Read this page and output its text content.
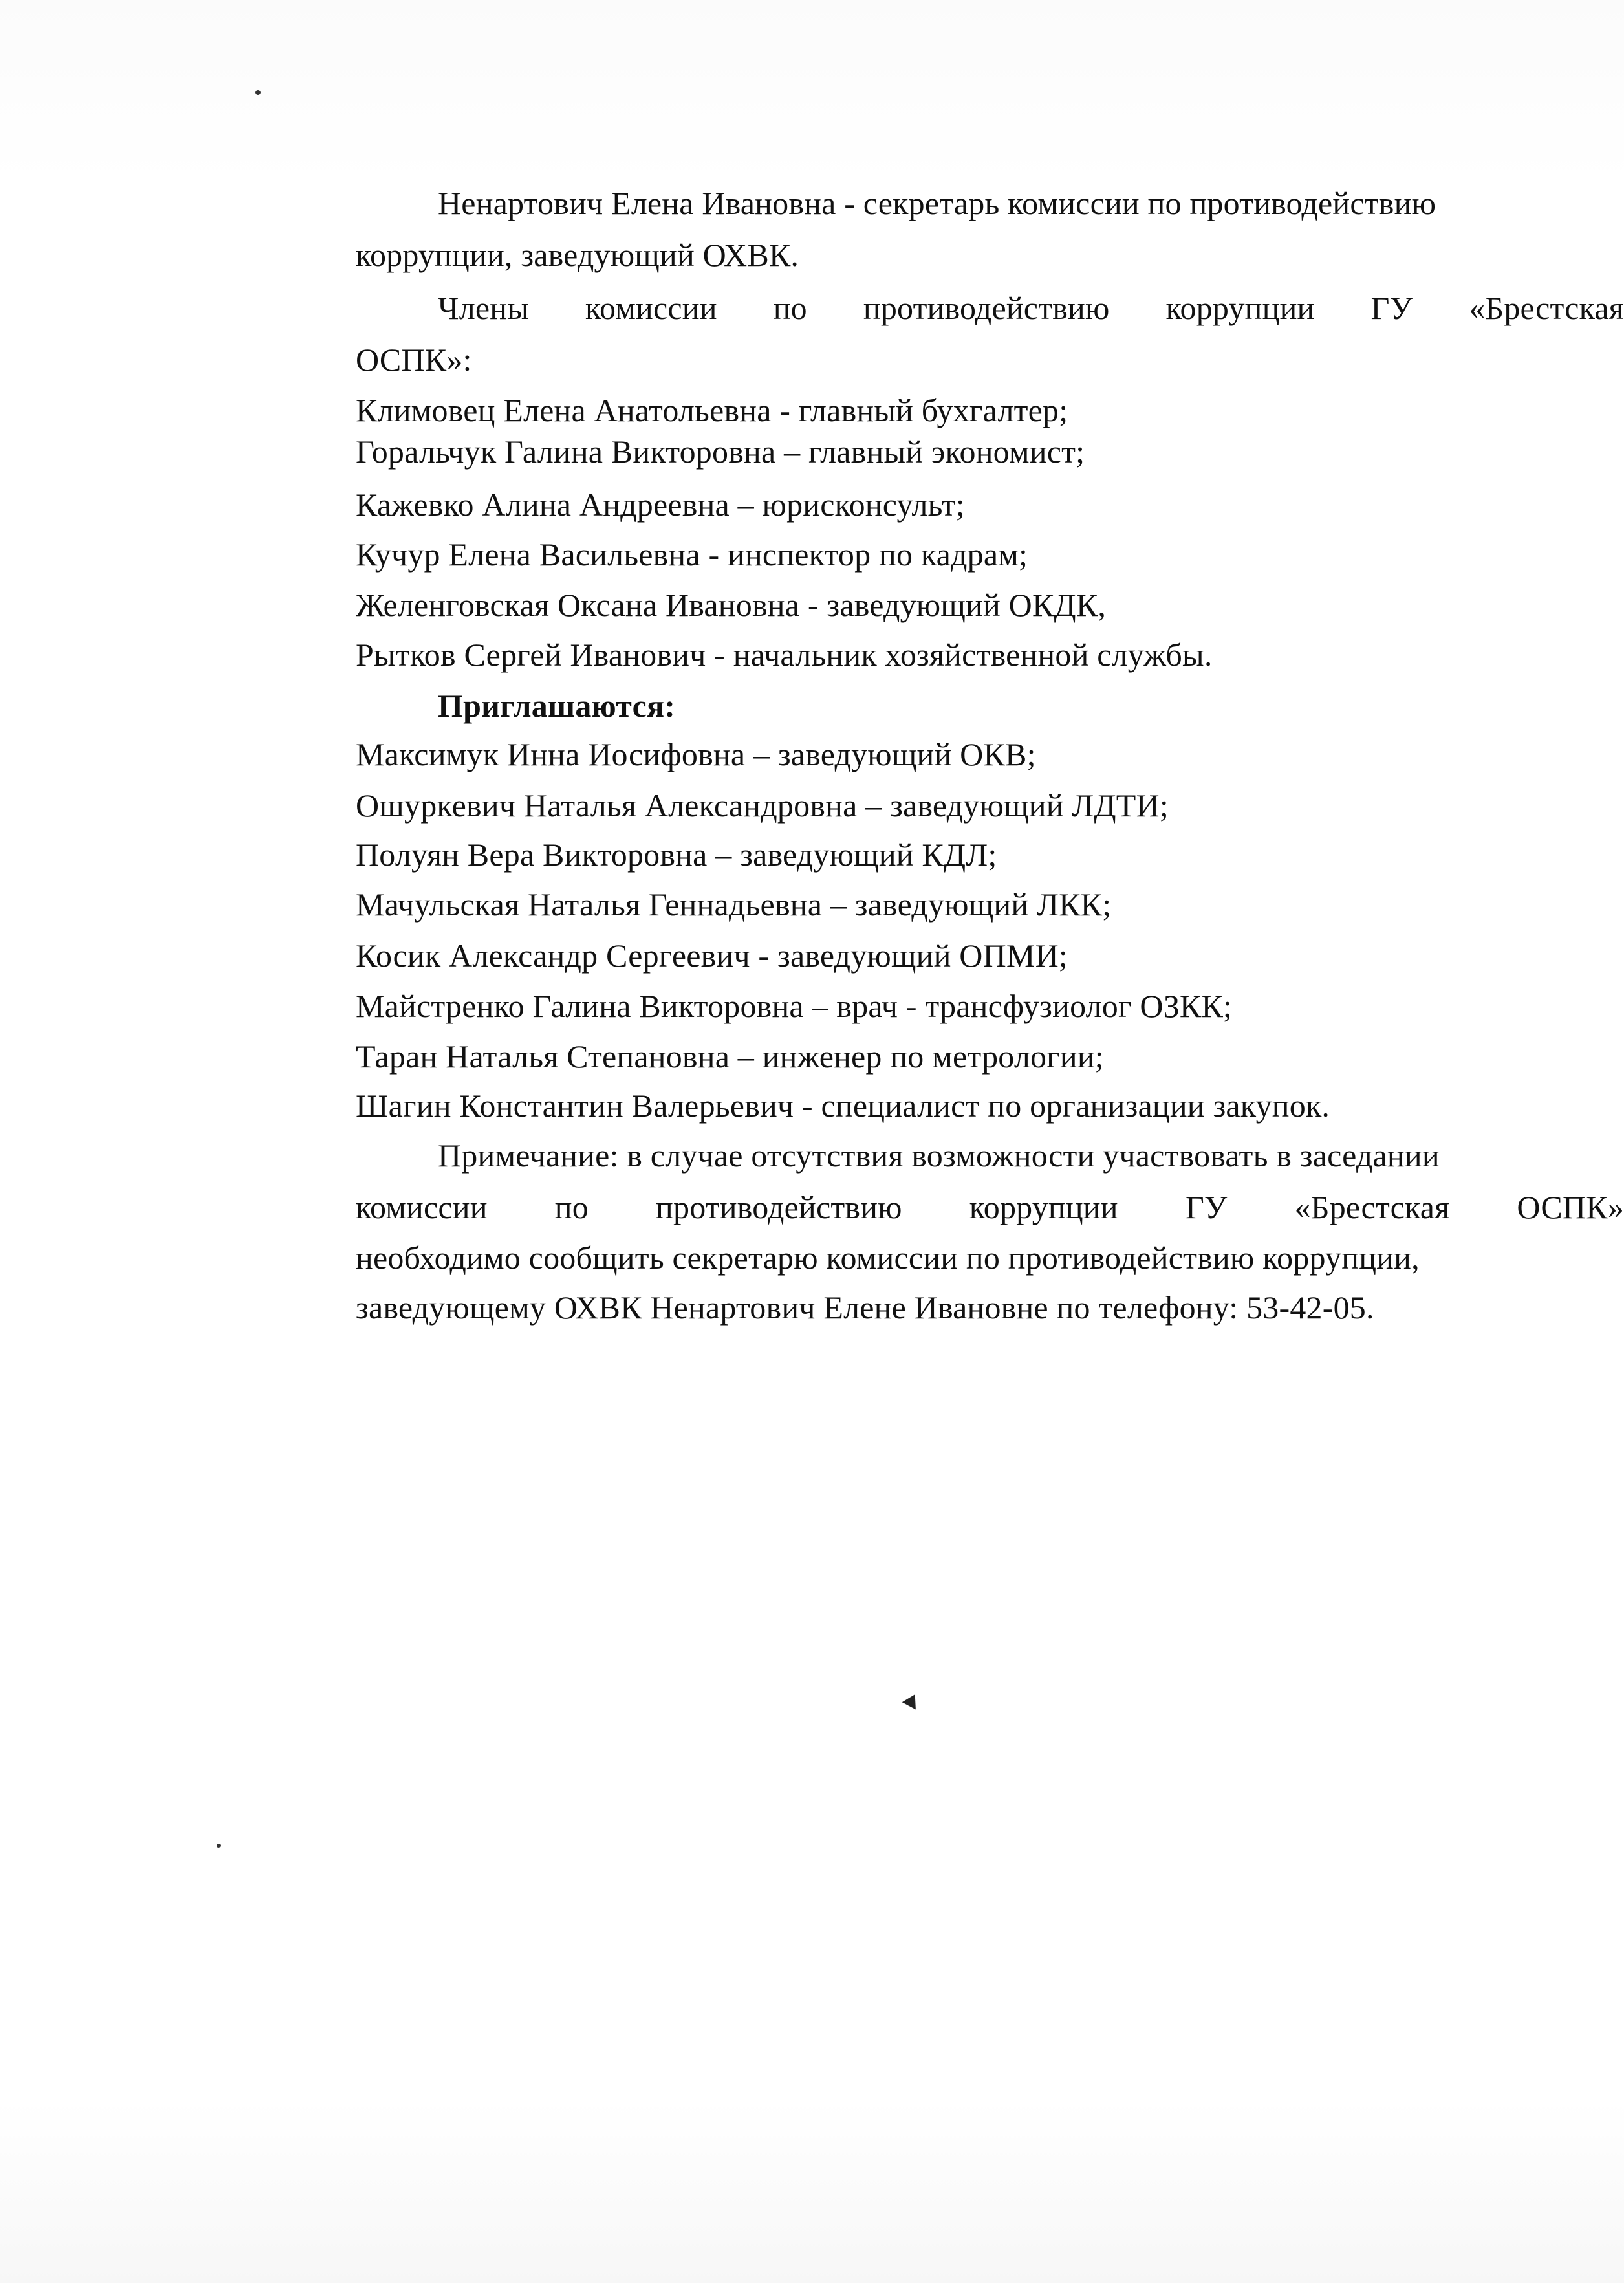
Ненартович Елена Ивановна - секретарь комиссии по противодействию
коррупции, заведующий ОХВК.
Члены комиссии по противодействию коррупции ГУ «Брестская
ОСПК»:
Климовец Елена Анатольевна - главный бухгалтер;
Горальчук Галина Викторовна – главный экономист;
Кажевко Алина Андреевна – юрисконсульт;
Кучур Елена Васильевна - инспектор по кадрам;
Желенговская Оксана Ивановна - заведующий ОКДК,
Рытков Сергей Иванович - начальник хозяйственной службы.
Приглашаются:
Максимук Инна Иосифовна – заведующий ОКВ;
Ошуркевич Наталья Александровна – заведующий ЛДТИ;
Полуян Вера Викторовна – заведующий КДЛ;
Мачульская Наталья Геннадьевна – заведующий ЛКК;
Косик Александр Сергеевич - заведующий ОПМИ;
Майстренко Галина Викторовна – врач - трансфузиолог ОЗКК;
Таран Наталья Степановна – инженер по метрологии;
Шагин Константин Валерьевич - специалист по организации закупок.
Примечание: в случае отсутствия возможности участвовать в заседании
комиссии по противодействию коррупции ГУ «Брестская ОСПК»
необходимо сообщить секретарю комиссии по противодействию коррупции,
заведующему ОХВК Ненартович Елене Ивановне по телефону: 53-42-05.
